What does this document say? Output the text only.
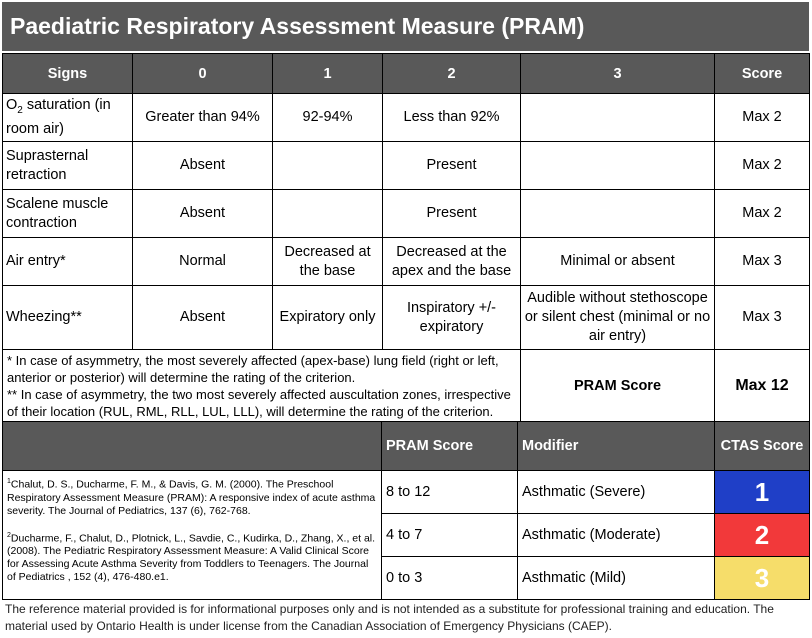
Paediatric Respiratory Assessment Measure (PRAM)
Signs	0	1	2	3	Score
$O_2$ saturation (in room air)	Greater than 94%	92-94%	Less than 92%		Max 2
Suprasternal retraction	Absent		Present		Max 2
Scalene muscle contraction	Absent		Present		Max 2
Air entry*	Normal	Decreased at the base	Decreased at the apex and the base	Minimal or absent	Max 3
Wheezing**	Absent	Expiratory only	Inspiratory +/- expiratory	Audible without stethoscope or silent chest (minimal or no air entry)	Max 3

* In case of asymmetry, the most severely affected (apex-base) lung field (right or left, anterior or posterior) will determine the rating of the criterion.
** In case of asymmetry, the two most severely affected auscultation zones, irrespective of their location (RUL, RML, RLL, LUL, LLL), will determine the rating of the criterion.				PRAM Score	Max 12
	PRAM Score	Modifier	CTAS Score

$^1$Chalut, D. S., Ducharme, F. M., & Davis, G. M. (2000). The Preschool Respiratory Assessment Measure (PRAM): A responsive index of acute asthma severity. The Journal of Pediatrics, 137 (6), 762-768.

$^2$Ducharme, F., Chalut, D., Plotnick, L., Savdie, C., Kudirka, D., Zhang, X., et al. (2008). The Pediatric Respiratory Assessment Measure: A Valid Clinical Score for Assessing Acute Asthma Severity from Toddlers to Teenagers. The Journal of Pediatrics , 152 (4), 476-480.e1.	8 to 12	Asthmatic (Severe)	1
	4 to 7	Asthmatic (Moderate)	2
	0 to 3	Asthmatic (Mild)	3
The reference material provided is for informational purposes only and is not intended as a substitute for professional training and education. The material used by Ontario Health is under license from the Canadian Association of Emergency Physicians (CAEP).
